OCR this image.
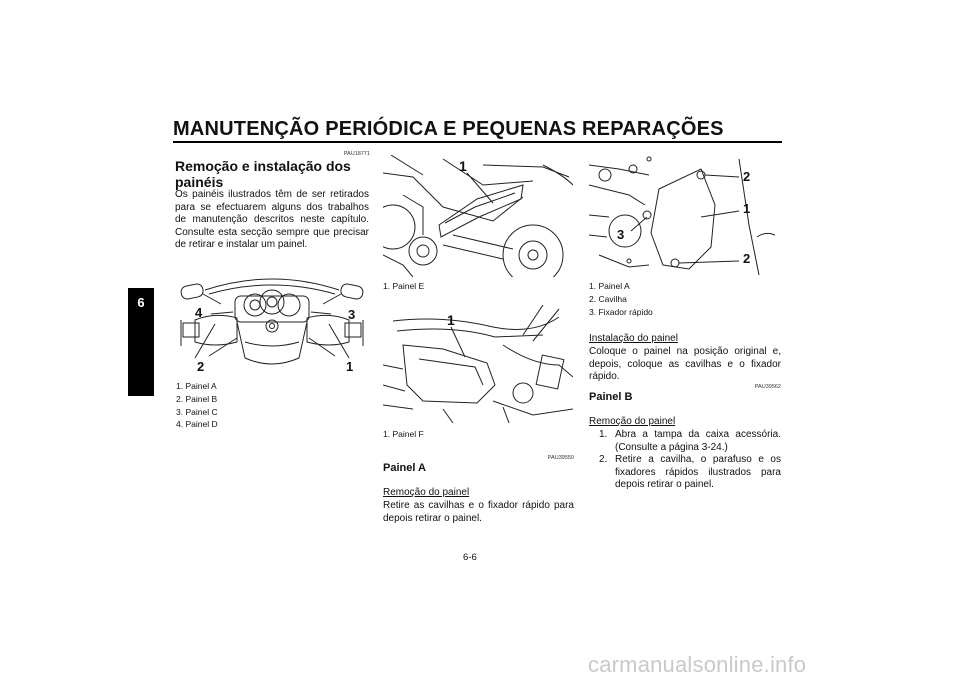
MANUTENÇÃO PERIÓDICA E PEQUENAS REPARAÇÕES
6
PAU18771
Remoção e instalação dos painéis
Os painéis ilustrados têm de ser retirados para se efectuarem alguns dos trabalhos de manutenção descritos neste capítulo. Consulte esta secção sempre que precisar de retirar e instalar um painel.
4	3
2	1
1. Painel A
2. Painel B
3. Painel C
4. Painel D
1
1. Painel E
1
1. Painel F
PAU39550
Painel A
Remoção do painel
Retire as cavilhas e o fixador rápido para depois retirar o painel.
2
1
3
2
1. Painel A
2. Cavilha
3. Fixador rápido
Instalação do painel
Coloque o painel na posição original e, depois, coloque as cavilhas e o fixador rápido.
PAU39562
Painel B
Remoção do painel
1. Abra a tampa da caixa acessória. (Consulte a página 3-24.)
2. Retire a cavilha, o parafuso e os fixadores rápidos ilustrados para depois retirar o painel.
6-6
carmanualsonline.info
